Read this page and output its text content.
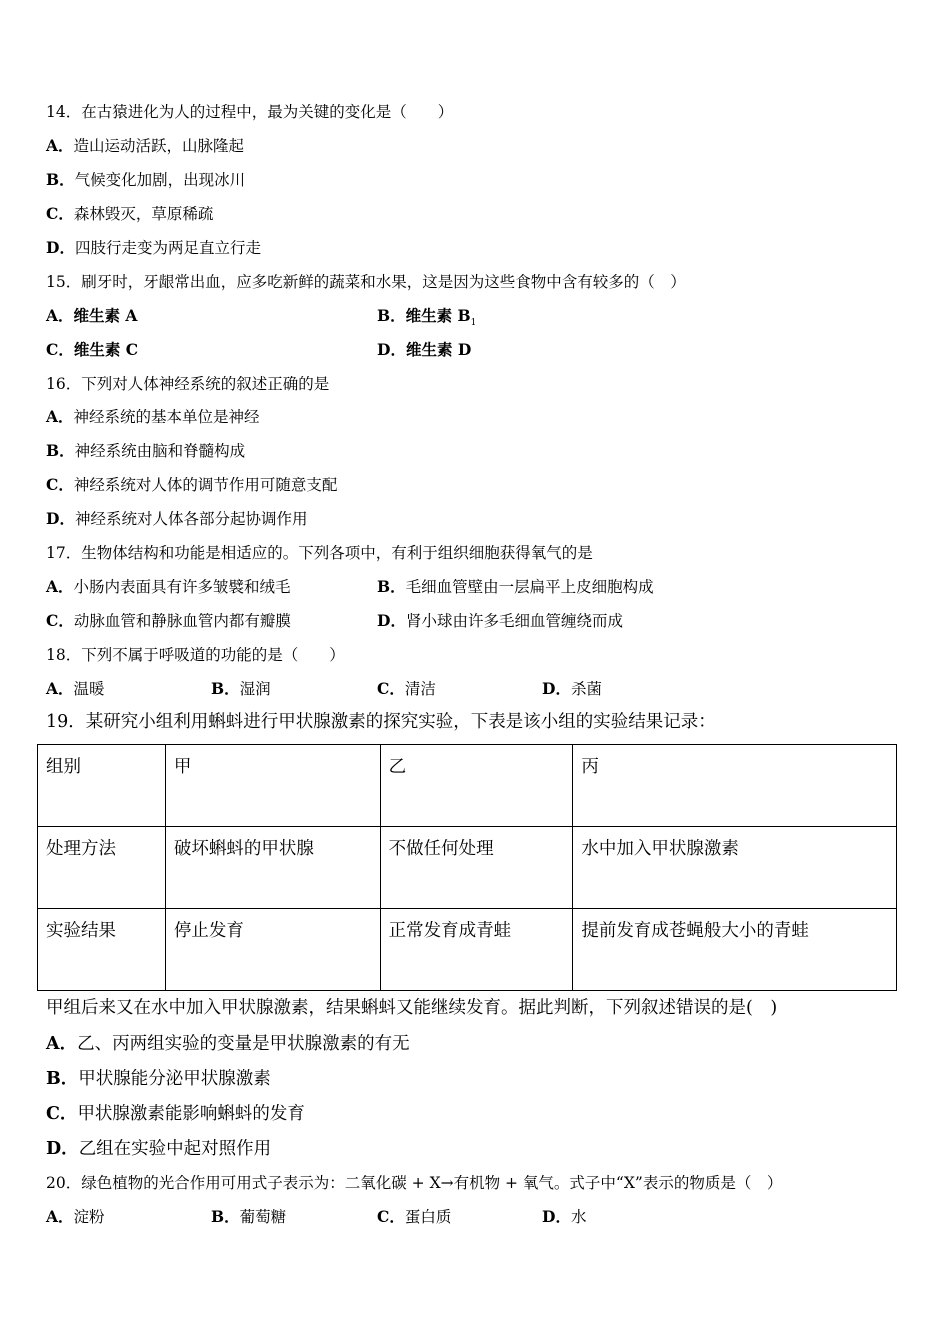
14．在古猿进化为人的过程中，最为关键的变化是（　　）
A．造山运动活跃，山脉隆起
B．气候变化加剧，出现冰川
C．森林毁灭，草原稀疏
D．四肢行走变为两足直立行走
15．刷牙时，牙龈常出血，应多吃新鲜的蔬菜和水果，这是因为这些食物中含有较多的（　）
A．维生素 A	B．维生素 $B_1$
C．维生素 C	D．维生素 D
16．下列对人体神经系统的叙述正确的是
A．神经系统的基本单位是神经
B．神经系统由脑和脊髓构成
C．神经系统对人体的调节作用可随意支配
D．神经系统对人体各部分起协调作用
17．生物体结构和功能是相适应的。下列各项中，有利于组织细胞获得氧气的是
A．小肠内表面具有许多皱襞和绒毛	B．毛细血管壁由一层扁平上皮细胞构成
C．动脉血管和静脉血管内都有瓣膜	D．肾小球由许多毛细血管缠绕而成
18．下列不属于呼吸道的功能的是（　　）
A．温暖	B．湿润	C．清洁	D．杀菌
19．某研究小组利用蝌蚪进行甲状腺激素的探究实验，下表是该小组的实验结果记录：
组别	甲	乙	丙
处理方法	破坏蝌蚪的甲状腺	不做任何处理	水中加入甲状腺激素
实验结果	停止发育	正常发育成青蛙	提前发育成苍蝇般大小的青蛙
甲组后来又在水中加入甲状腺激素，结果蝌蚪又能继续发育。据此判断，下列叙述错误的是(　)
A．乙、丙两组实验的变量是甲状腺激素的有无
B．甲状腺能分泌甲状腺激素
C．甲状腺激素能影响蝌蚪的发育
D．乙组在实验中起对照作用
20．绿色植物的光合作用可用式子表示为：二氧化碳 + X→有机物 + 氧气。式子中“X”表示的物质是（　）
A．淀粉	B．葡萄糖	C．蛋白质	D．水
